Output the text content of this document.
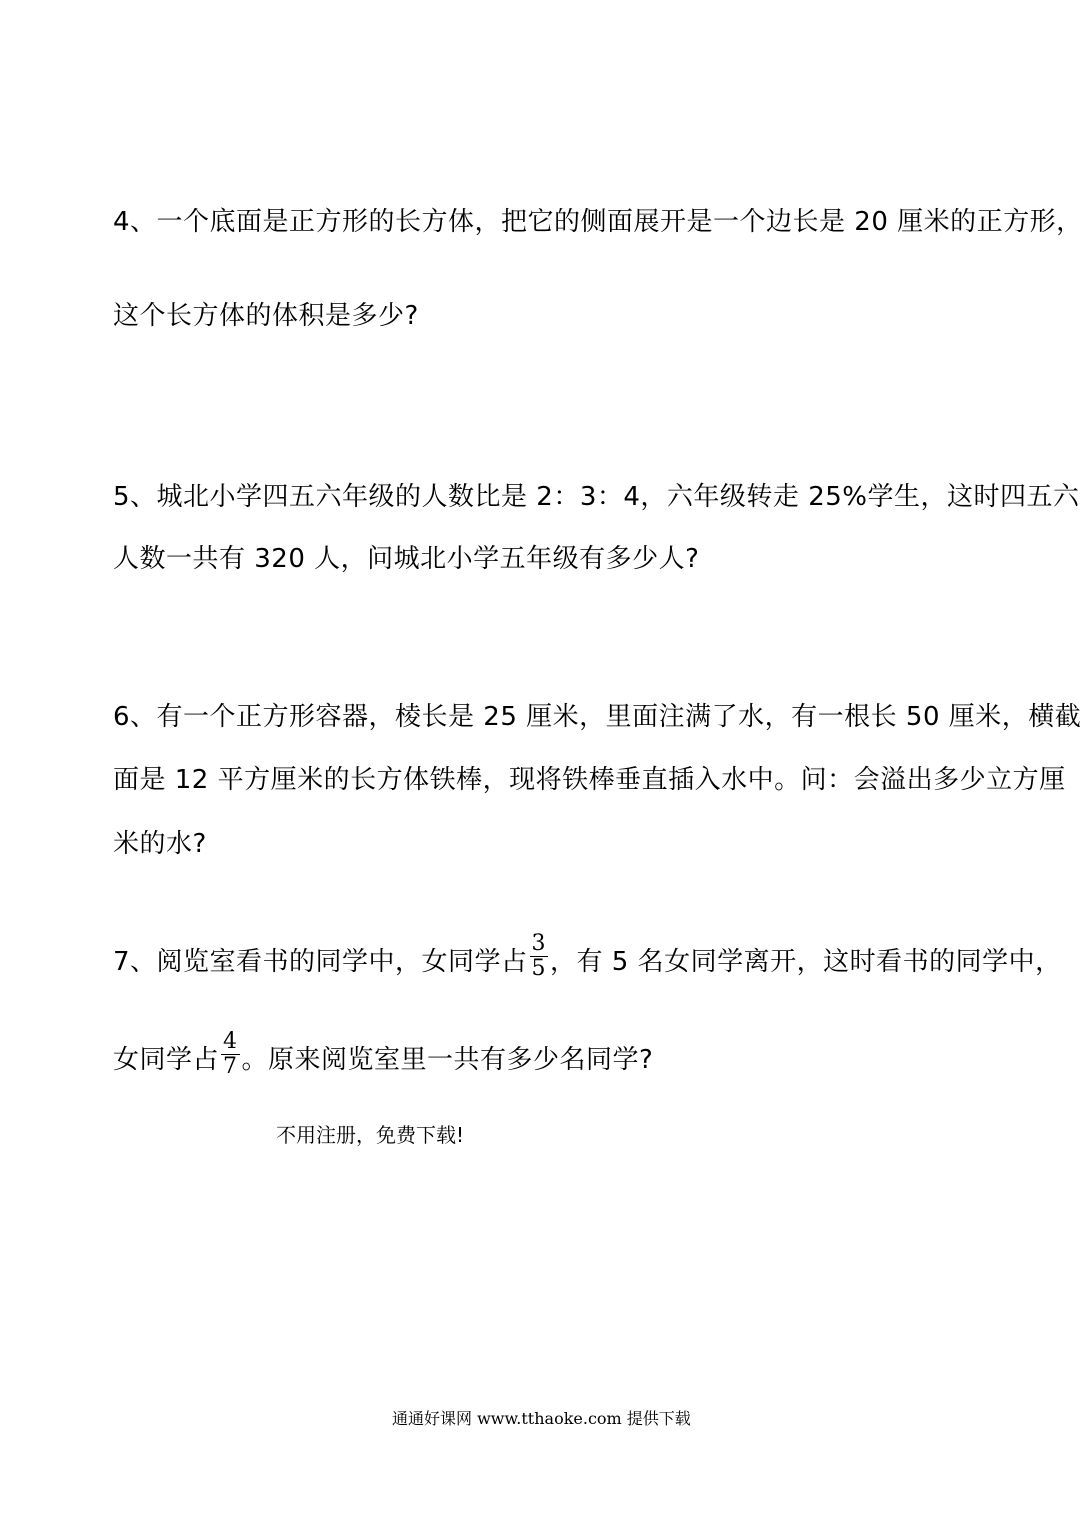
4、一个底面是正方形的长方体，把它的侧面展开是一个边长是 20 厘米的正方形，
这个长方体的体积是多少?
5、城北小学四五六年级的人数比是 2：3：4，六年级转走 25%学生，这时四五六
人数一共有 320 人，问城北小学五年级有多少人?
6、有一个正方形容器，棱长是 25 厘米，里面注满了水，有一根长 50 厘米，横截
面是 12 平方厘米的长方体铁棒，现将铁棒垂直插入水中。问：会溢出多少立方厘
米的水?
7、阅览室看书的同学中，女同学占 $\frac{3}{5}$ ，有 5 名女同学离开，这时看书的同学中，
女同学占 $\frac{4}{7}$ 。原来阅览室里一共有多少名同学?
不用注册，免费下载!
通通好课网 www.tthaoke.com 提供下载
